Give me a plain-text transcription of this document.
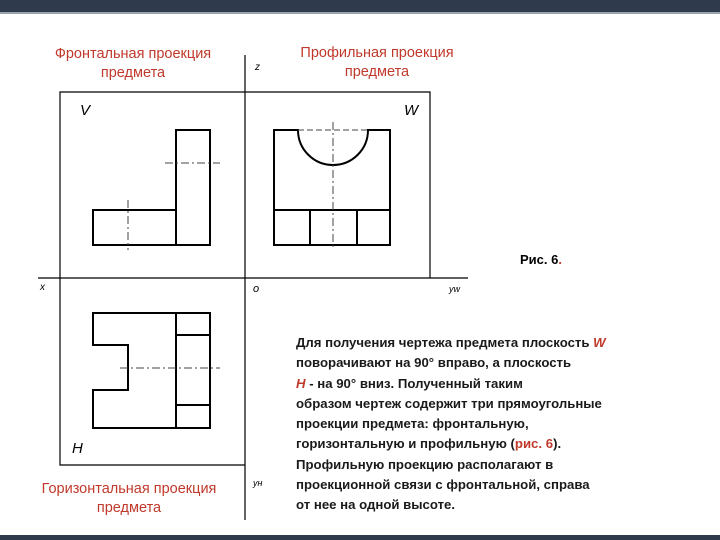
Фронтальная проекция
предмета
Профильная проекция
предмета
Горизонтальная проекция
предмета
z
x	o	yw
yн
V	W
H
Рис. 6.
Для получения чертежа предмета плоскость W
поворачивают на 90° вправо, а плоскость
H - на 90° вниз. Полученный таким
образом чертеж содержит три прямоугольные
проекции предмета: фронтальную,
горизонтальную и профильную (рис. 6).
Профильную проекцию располагают в
проекционной связи с фронтальной, справа
от нее на одной высоте.
